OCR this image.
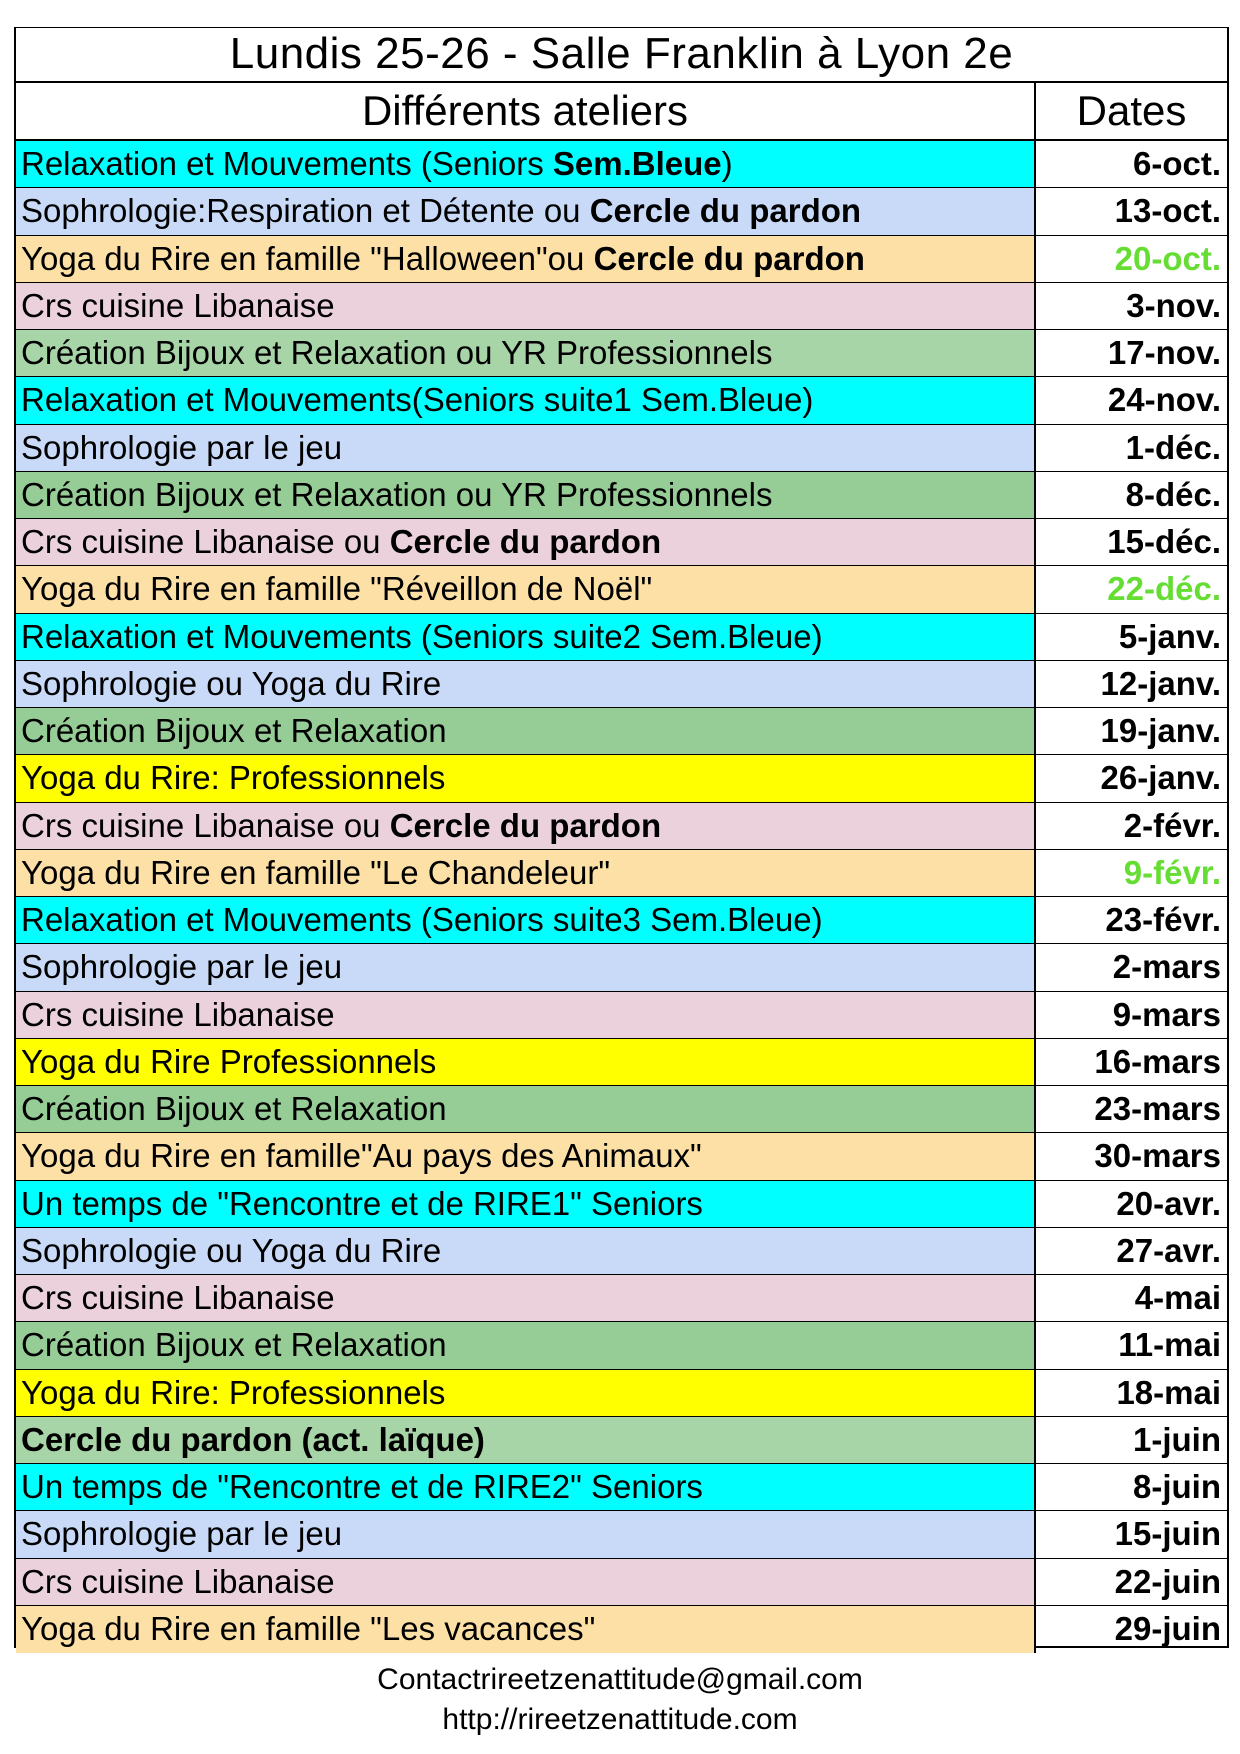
Lundis 25-26 - Salle Franklin à Lyon 2e
Différents ateliers	Dates
Relaxation et Mouvements (Seniors Sem.Bleue )	6-oct.
Sophrologie:Respiration et Détente ou Cercle du pardon	13-oct.
Yoga du Rire en famille "Halloween"ou Cercle du pardon	20-oct.
Crs cuisine Libanaise	3-nov.
Création Bijoux et Relaxation ou YR Professionnels	17-nov.
Relaxation et Mouvements(Seniors suite1 Sem.Bleue)	24-nov.
Sophrologie par le jeu	1-déc.
Création Bijoux et Relaxation ou YR Professionnels	8-déc.
Crs cuisine Libanaise ou Cercle du pardon	15-déc.
Yoga du Rire en famille "Réveillon de Noël"	22-déc.
Relaxation et Mouvements (Seniors suite2 Sem.Bleue)	5-janv.
Sophrologie ou Yoga du Rire	12-janv.
Création Bijoux et Relaxation	19-janv.
Yoga du Rire: Professionnels	26-janv.
Crs cuisine Libanaise ou Cercle du pardon	2-févr.
Yoga du Rire en famille "Le Chandeleur"	9-févr.
Relaxation et Mouvements (Seniors suite3 Sem.Bleue)	23-févr.
Sophrologie par le jeu	2-mars
Crs cuisine Libanaise	9-mars
Yoga du Rire Professionnels	16-mars
Création Bijoux et Relaxation	23-mars
Yoga du Rire en famille"Au pays des Animaux"	30-mars
Un temps de "Rencontre et de RIRE1" Seniors	20-avr.
Sophrologie ou Yoga du Rire	27-avr.
Crs cuisine Libanaise	4-mai
Création Bijoux et Relaxation	11-mai
Yoga du Rire: Professionnels	18-mai
Cercle du pardon (act. laïque)	1-juin
Un temps de "Rencontre et de RIRE2" Seniors	8-juin
Sophrologie par le jeu	15-juin
Crs cuisine Libanaise	22-juin
Yoga du Rire en famille "Les vacances"	29-juin
Contactrireetzenattitude@gmail.com
http://rireetzenattitude.com
